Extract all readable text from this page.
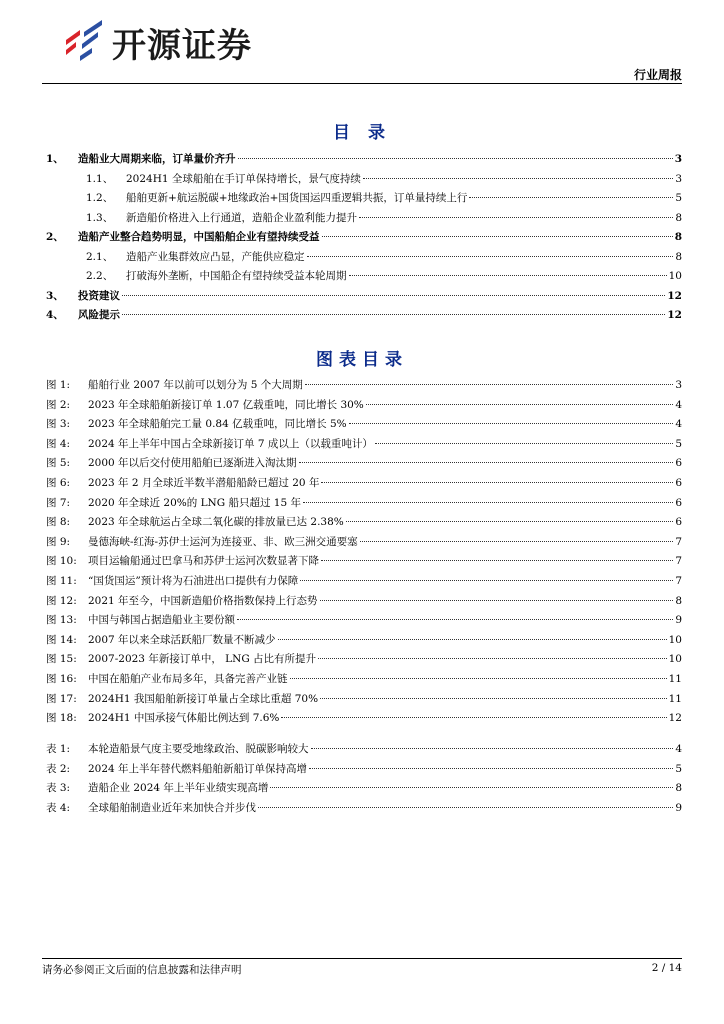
开源证券
行业周报
目 录
1、	造船业大周期来临，订单量价齐升	3
1.1、	2024H1 全球船舶在手订单保持增长，景气度持续	3
1.2、	船舶更新+航运脱碳+地缘政治+国货国运四重逻辑共振，订单量持续上行	5
1.3、	新造船价格进入上行通道，造船企业盈利能力提升	8
2、	造船产业整合趋势明显，中国船舶企业有望持续受益	8
2.1、	造船产业集群效应凸显，产能供应稳定	8
2.2、	打破海外垄断，中国船企有望持续受益本轮周期	10
3、	投资建议	12
4、	风险提示	12
图表目录
图 1:	船舶行业 2007 年以前可以划分为 5 个大周期	3
图 2:	2023 年全球船舶新接订单 1.07 亿载重吨，同比增长 30%	4
图 3:	2023 年全球船舶完工量 0.84 亿载重吨，同比增长 5%	4
图 4:	2024 年上半年中国占全球新接订单 7 成以上（以载重吨计）	5
图 5:	2000 年以后交付使用船舶已逐渐进入淘汰期	6
图 6:	2023 年 2 月全球近半数半潜船船龄已超过 20 年	6
图 7:	2020 年全球近 20%的 LNG 船只超过 15 年	6
图 8:	2023 年全球航运占全球二氧化碳的排放量已达 2.38%	6
图 9:	曼德海峡-红海-苏伊士运河为连接亚、非、欧三洲交通要塞	7
图 10:	项目运输船通过巴拿马和苏伊士运河次数显著下降	7
图 11:	“国货国运”预计将为石油进出口提供有力保障	7
图 12:	2021 年至今，中国新造船价格指数保持上行态势	8
图 13:	中国与韩国占据造船业主要份额	9
图 14:	2007 年以来全球活跃船厂数量不断减少	10
图 15:	2007-2023 年新接订单中， LNG 占比有所提升	10
图 16:	中国在船舶产业布局多年，具备完善产业链	11
图 17:	2024H1 我国船舶新接订单量占全球比重超 70%	11
图 18:	2024H1 中国承接气体船比例达到 7.6%	12
表 1:	本轮造船景气度主要受地缘政治、脱碳影响较大	4
表 2:	2024 年上半年替代燃料船舶新船订单保持高增	5
表 3:	造船企业 2024 年上半年业绩实现高增	8
表 4:	全球船舶制造业近年来加快合并步伐	9
请务必参阅正文后面的信息披露和法律声明	2 / 14
